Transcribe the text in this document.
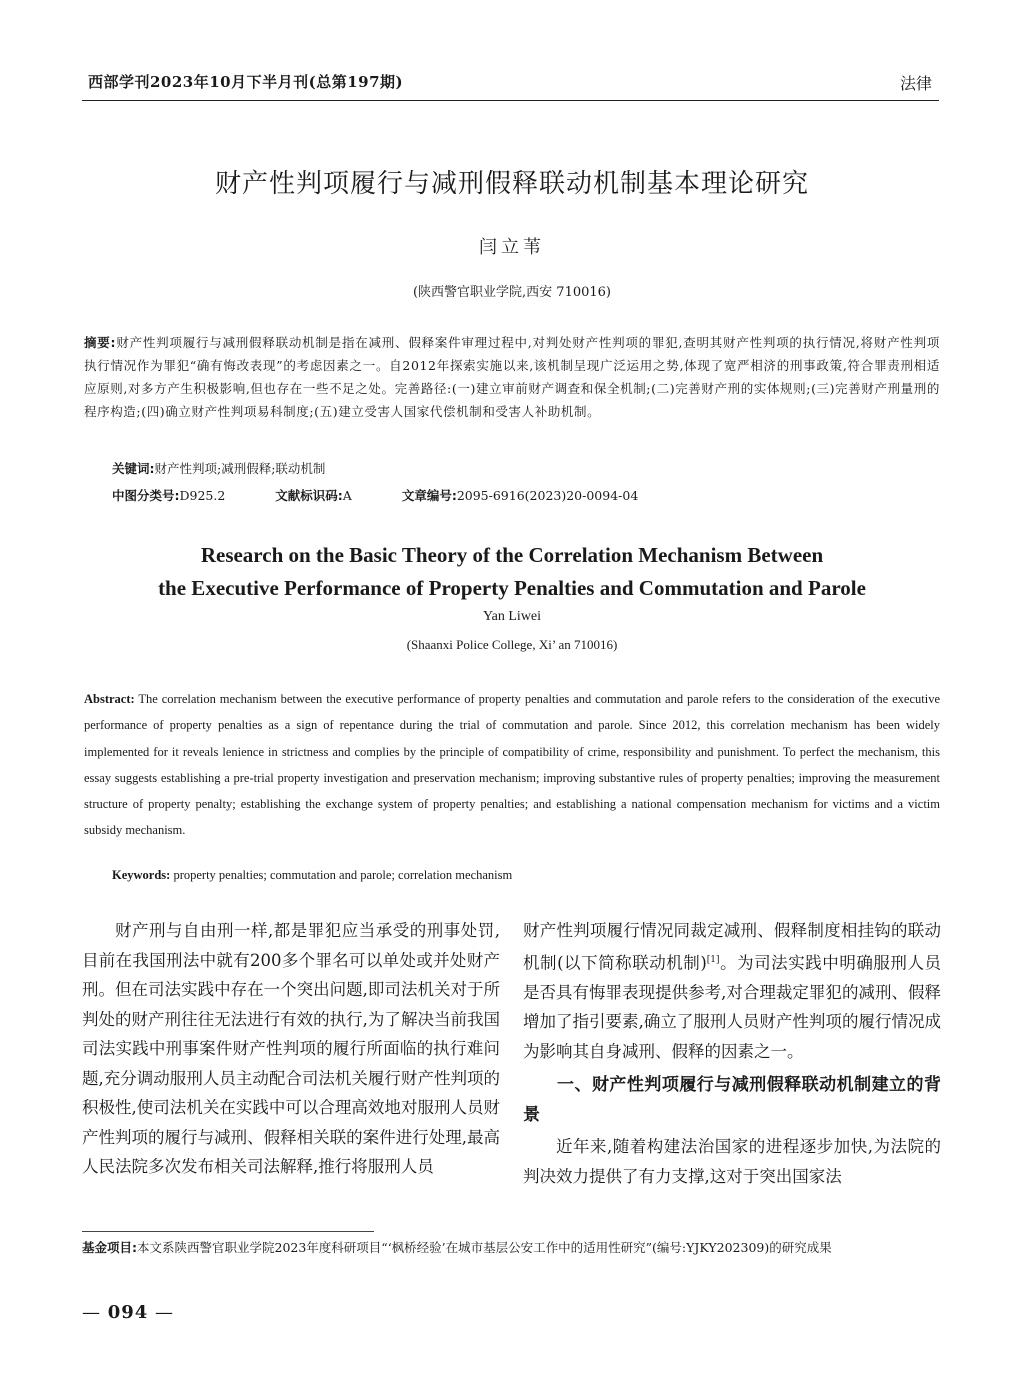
西部学刊2023年10月下半月刊(总第197期)	法律
财产性判项履行与减刑假释联动机制基本理论研究
闫立苇
(陕西警官职业学院,西安 710016)
摘要:财产性判项履行与减刑假释联动机制是指在减刑、假释案件审理过程中,对判处财产性判项的罪犯,查明其财产性判项的执行情况,将财产性判项执行情况作为罪犯“确有悔改表现”的考虑因素之一。自2012年探索实施以来,该机制呈现广泛运用之势,体现了宽严相济的刑事政策,符合罪责刑相适应原则,对多方产生积极影响,但也存在一些不足之处。完善路径:(一)建立审前财产调查和保全机制;(二)完善财产刑的实体规则;(三)完善财产刑量刑的程序构造;(四)确立财产性判项易科制度;(五)建立受害人国家代偿机制和受害人补助机制。
关键词:财产性判项;减刑假释;联动机制
中图分类号:D925.2	文献标识码:A	文章编号:2095-6916(2023)20-0094-04
Research on the Basic Theory of the Correlation Mechanism Between
the Executive Performance of Property Penalties and Commutation and Parole
Yan Liwei
(Shaanxi Police College, Xi’ an 710016)
Abstract: The correlation mechanism between the executive performance of property penalties and commutation and parole refers to the consideration of the executive performance of property penalties as a sign of repentance during the trial of commutation and parole. Since 2012, this correlation mechanism has been widely implemented for it reveals lenience in strictness and complies by the principle of compatibility of crime, responsibility and punishment. To perfect the mechanism, this essay suggests establishing a pre-trial property investigation and preservation mechanism; improving substantive rules of property penalties; improving the measurement structure of property penalty; establishing the exchange system of property penalties; and establishing a national compensation mechanism for victims and a victim subsidy mechanism.
Keywords: property penalties; commutation and parole; correlation mechanism

财产刑与自由刑一样,都是罪犯应当承受的刑事处罚,目前在我国刑法中就有200多个罪名可以单处或并处财产刑。但在司法实践中存在一个突出问题,即司法机关对于所判处的财产刑往往无法进行有效的执行,为了解决当前我国司法实践中刑事案件财产性判项的履行所面临的执行难问题,充分调动服刑人员主动配合司法机关履行财产性判项的积极性,使司法机关在实践中可以合理高效地对服刑人员财产性判项的履行与减刑、假释相关联的案件进行处理,最高人民法院多次发布相关司法解释,推行将服刑人员

财产性判项履行情况同裁定减刑、假释制度相挂钩的联动机制(以下简称联动机制)[1]。为司法实践中明确服刑人员是否具有悔罪表现提供参考,对合理裁定罪犯的减刑、假释增加了指引要素,确立了服刑人员财产性判项的履行情况成为影响其自身减刑、假释的因素之一。

一、财产性判项履行与减刑假释联动机制建立的背景

近年来,随着构建法治国家的进程逐步加快,为法院的判决效力提供了有力支撑,这对于突出国家法

基金项目:本文系陕西警官职业学院2023年度科研项目“‘枫桥经验’在城市基层公安工作中的适用性研究”(编号:YJKY202309)的研究成果
— 094 —
